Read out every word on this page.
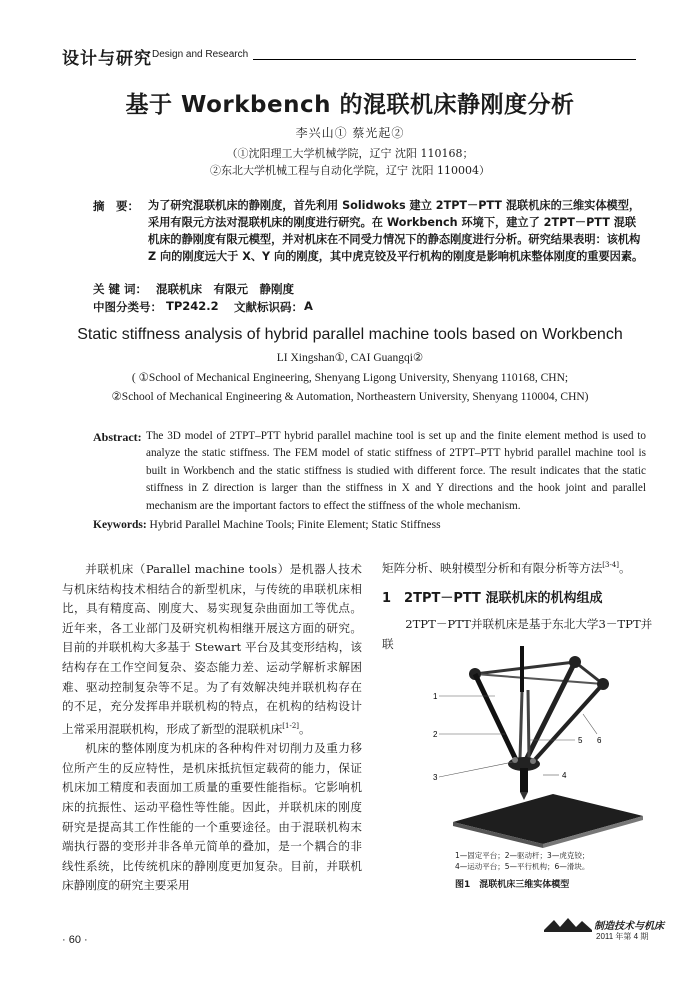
设计与研究 Design and Research
基于 Workbench 的混联机床静刚度分析
李兴山① 蔡光起②
（①沈阳理工大学机械学院，辽宁 沈阳 110168；
②东北大学机械工程与自动化学院，辽宁 沈阳 110004）
摘　要： 为了研究混联机床的静刚度，首先利用 Solidwoks 建立 2TPT－PTT 混联机床的三维实体模型，采用有限元方法对混联机床的刚度进行研究。在 Workbench 环境下，建立了 2TPT－PTT 混联机床的静刚度有限元模型，并对机床在不同受力情况下的静态刚度进行分析。研究结果表明：该机构 Z 向的刚度远大于 X、Y 向的刚度，其中虎克铰及平行机构的刚度是影响机床整体刚度的重要因素。
关 键 词： 混联机床　有限元　静刚度
中图分类号： TP242.2 文献标识码： A
Static stiffness analysis of hybrid parallel machine tools based on Workbench
LI Xingshan①, CAI Guangqi②
( ①School of Mechanical Engineering, Shenyang Ligong University, Shenyang 110168, CHN;
②School of Mechanical Engineering & Automation, Northeastern University, Shenyang 110004, CHN)
Abstract: The 3D model of 2TPT–PTT hybrid parallel machine tool is set up and the finite element method is used to analyze the static stiffness. The FEM model of static stiffness of 2TPT–PTT hybrid parallel machine tool is built in Workbench and the static stiffness is studied with different force. The result indicates that the static stiffness in Z direction is larger than the stiffness in X and Y directions and the hook joint and parallel mechanism are the important factors to effect the stiffness of the whole mechanism.
Keywords: Hybrid Parallel Machine Tools; Finite Element; Static Stiffness

并联机床（Parallel machine tools）是机器人技术与机床结构技术相结合的新型机床，与传统的串联机床相比，具有精度高、刚度大、易实现复杂曲面加工等优点。近年来，各工业部门及研究机构相继开展这方面的研究。目前的并联机构大多基于 Stewart 平台及其变形结构，该结构存在工作空间复杂、姿态能力差、运动学解析求解困难、驱动控制复杂等不足。为了有效解决纯并联机构存在的不足，充分发挥串并联机构的特点，在机构的结构设计上常采用混联机构，形成了新型的混联机床[1-2]。

机床的整体刚度为机床的各种构件对切削力及重力移位所产生的反应特性，是机床抵抗恒定载荷的能力，保证机床加工精度和表面加工质量的重要性能指标。它影响机床的抗振性、运动平稳性等性能。因此，并联机床的刚度研究是提高其工作性能的一个重要途径。由于混联机构末端执行器的变形并非各单元简单的叠加，是一个耦合的非线性系统，比传统机床的静刚度更加复杂。目前，并联机床静刚度的研究主要采用

矩阵分析、映射模型分析和有限分析等方法[3-4]。
1　2TPT－PTT 混联机床的机构组成
2TPT－PTT并联机床是基于东北大学3－TPT并联
1
2
3	4
5 6
1—固定平台；2—驱动杆；3—虎克铰；
4—运动平台；5—平行机构；6—滑块。
图1　混联机床三维实体模型
· 60 ·
制造技术与机床
2011 年第 4 期
